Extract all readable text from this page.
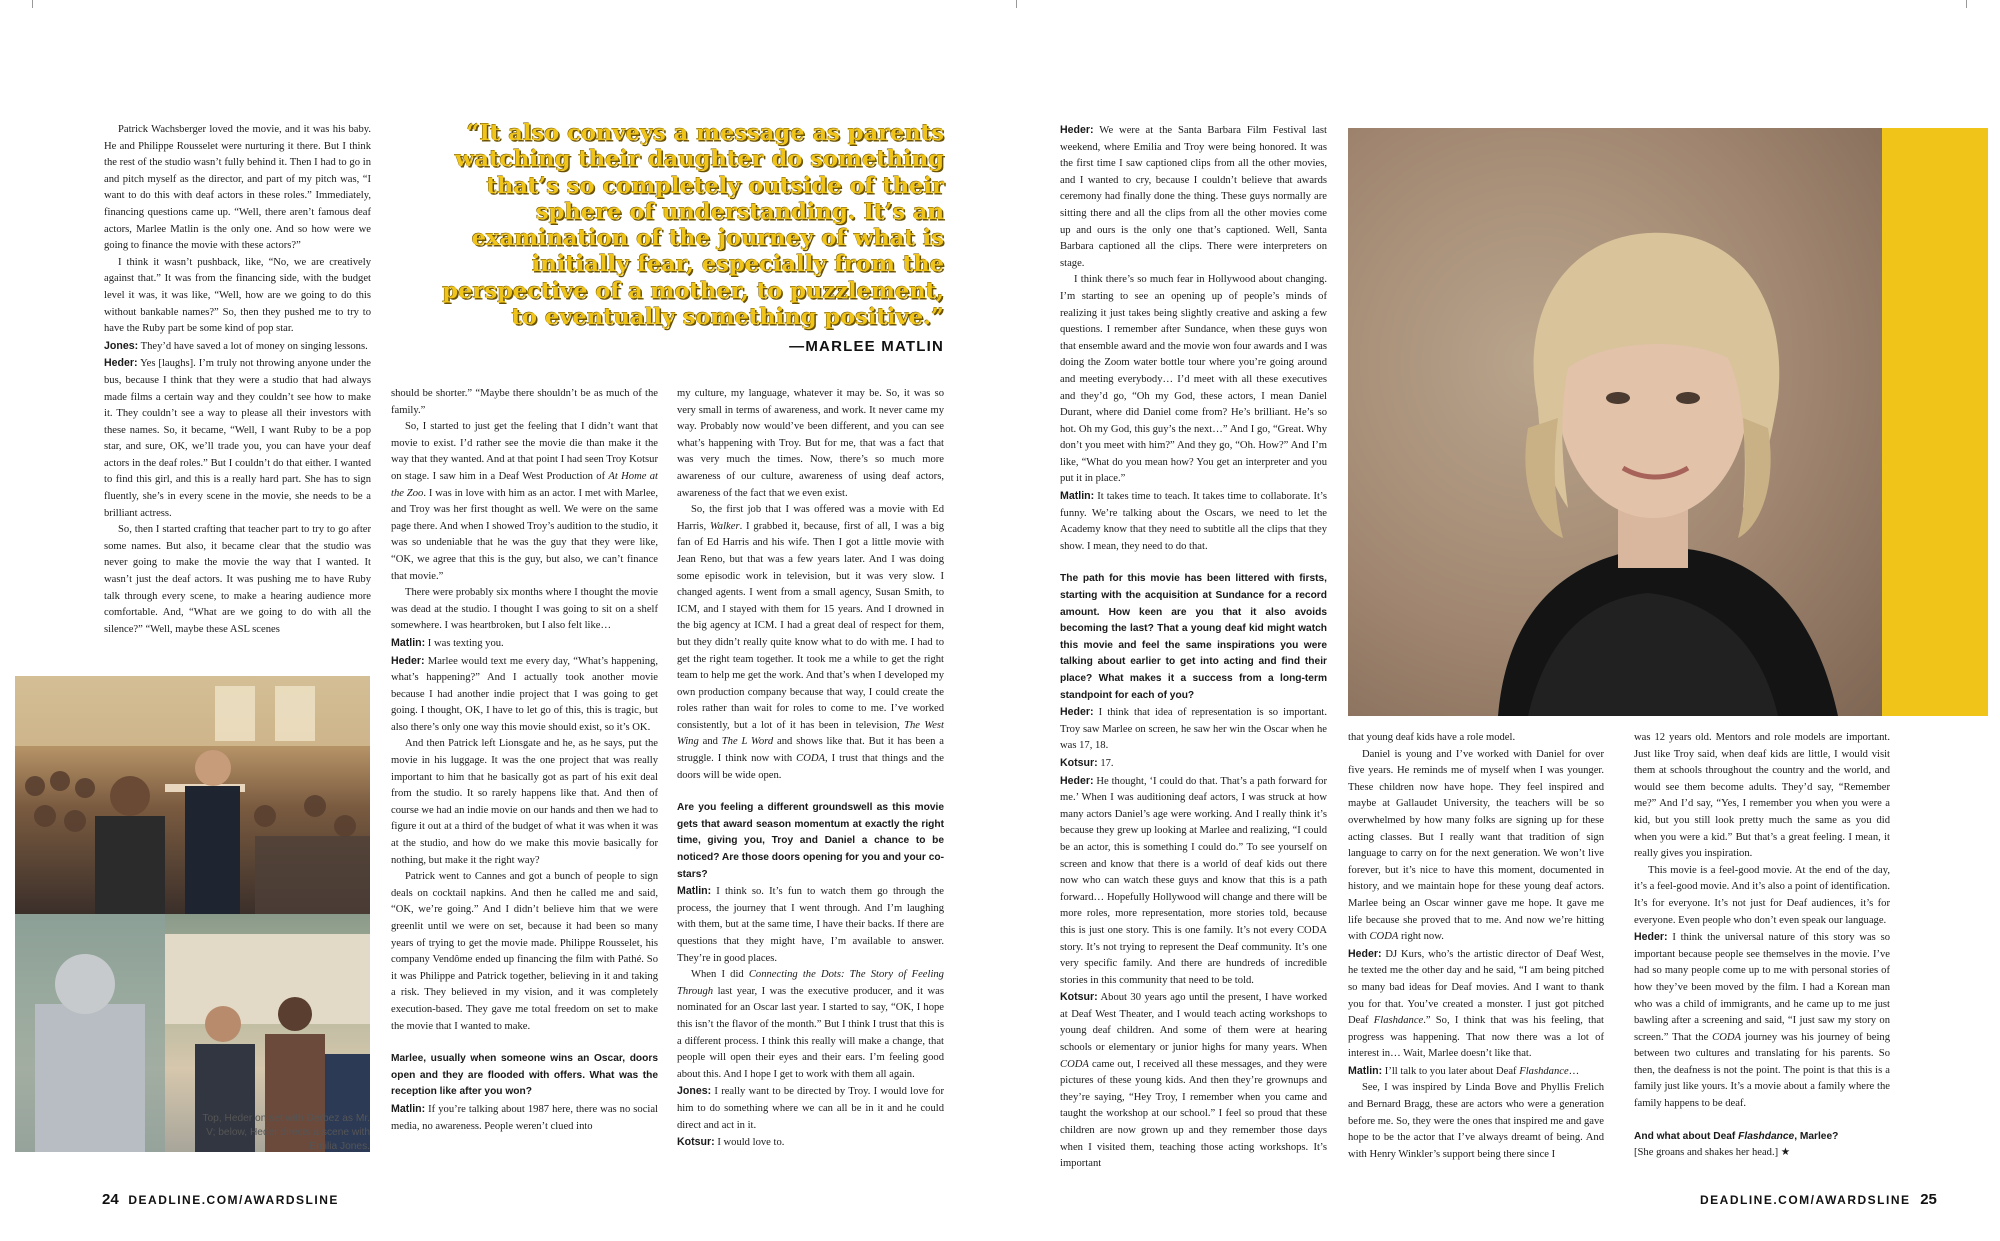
“It also conveys a message as parents watching their daughter do something that’s so completely outside of their sphere of understanding. It’s an examination of the journey of what is initially fear, especially from the perspective of a mother, to puzzlement, to eventually something positive.”
—MARLEE MATLIN

Patrick Wachsberger loved the movie, and it was his baby. He and Philippe Rousselet were nurturing it there. But I think the rest of the studio wasn’t fully behind it. Then I had to go in and pitch myself as the director, and part of my pitch was, “I want to do this with deaf actors in these roles.” Immediately, financing questions came up. “Well, there aren’t famous deaf actors, Marlee Matlin is the only one. And so how were we going to finance the movie with these actors?”

I think it wasn’t pushback, like, “No, we are creatively against that.” It was from the financing side, with the budget level it was, it was like, “Well, how are we going to do this without bankable names?” So, then they pushed me to try to have the Ruby part be some kind of pop star.

Jones: They’d have saved a lot of money on singing lessons.

Heder: Yes [laughs]. I’m truly not throwing anyone under the bus, because I think that they were a studio that had always made films a certain way and they couldn’t see how to make it. They couldn’t see a way to please all their investors with these names. So, it became, “Well, I want Ruby to be a pop star, and sure, OK, we’ll trade you, you can have your deaf actors in the deaf roles.” But I couldn’t do that either. I wanted to find this girl, and this is a really hard part. She has to sign fluently, she’s in every scene in the movie, she needs to be a brilliant actress.

So, then I started crafting that teacher part to try to go after some names. But also, it became clear that the studio was never going to make the movie the way that I wanted. It wasn’t just the deaf actors. It was pushing me to have Ruby talk through every scene, to make a hearing audience more comfortable. And, “What are we going to do with all the silence?” “Well, maybe these ASL scenes

Top, Heder on set with Derbez as Mr. V; below, Heder directs a scene with Emilia Jones.

should be shorter.” “Maybe there shouldn’t be as much of the family.”

So, I started to just get the feeling that I didn’t want that movie to exist. I’d rather see the movie die than make it the way that they wanted. And at that point I had seen Troy Kotsur on stage. I saw him in a Deaf West Production of At Home at the Zoo. I was in love with him as an actor. I met with Marlee, and Troy was her first thought as well. We were on the same page there. And when I showed Troy’s audition to the studio, it was so undeniable that he was the guy that they were like, “OK, we agree that this is the guy, but also, we can’t finance that movie.”

There were probably six months where I thought the movie was dead at the studio. I thought I was going to sit on a shelf somewhere. I was heartbroken, but I also felt like…

Matlin: I was texting you.

Heder: Marlee would text me every day, “What’s happening, what’s happening?” And I actually took another movie because I had another indie project that I was going to get going. I thought, OK, I have to let go of this, this is tragic, but also there’s only one way this movie should exist, so it’s OK.

And then Patrick left Lionsgate and he, as he says, put the movie in his luggage. It was the one project that was really important to him that he basically got as part of his exit deal from the studio. It so rarely happens like that. And then of course we had an indie movie on our hands and then we had to figure it out at a third of the budget of what it was when it was at the studio, and how do we make this movie basically for nothing, but make it the right way?

Patrick went to Cannes and got a bunch of people to sign deals on cocktail napkins. And then he called me and said, “OK, we’re going.” And I didn’t believe him that we were greenlit until we were on set, because it had been so many years of trying to get the movie made. Philippe Rousselet, his company Vendôme ended up financing the film with Pathé. So it was Philippe and Patrick together, believing in it and taking a risk. They believed in my vision, and it was completely execution-based. They gave me total freedom on set to make the movie that I wanted to make.

Marlee, usually when someone wins an Oscar, doors open and they are flooded with offers. What was the reception like after you won?

Matlin: If you’re talking about 1987 here, there was no social media, no awareness. People weren’t clued into

my culture, my language, whatever it may be. So, it was so very small in terms of awareness, and work. It never came my way. Probably now would’ve been different, and you can see what’s happening with Troy. But for me, that was a fact that was very much the times. Now, there’s so much more awareness of our culture, awareness of using deaf actors, awareness of the fact that we even exist.

So, the first job that I was offered was a movie with Ed Harris, Walker. I grabbed it, because, first of all, I was a big fan of Ed Harris and his wife. Then I got a little movie with Jean Reno, but that was a few years later. And I was doing some episodic work in television, but it was very slow. I changed agents. I went from a small agency, Susan Smith, to ICM, and I stayed with them for 15 years. And I drowned in the big agency at ICM. I had a great deal of respect for them, but they didn’t really quite know what to do with me. I had to get the right team together. It took me a while to get the right team to help me get the work. And that’s when I developed my own production company because that way, I could create the roles rather than wait for roles to come to me. I’ve worked consistently, but a lot of it has been in television, The West Wing and The L Word and shows like that. But it has been a struggle. I think now with CODA, I trust that things and the doors will be wide open.

Are you feeling a different groundswell as this movie gets that award season momentum at exactly the right time, giving you, Troy and Daniel a chance to be noticed? Are those doors opening for you and your co-stars?

Matlin: I think so. It’s fun to watch them go through the process, the journey that I went through. And I’m laughing with them, but at the same time, I have their backs. If there are questions that they might have, I’m available to answer. They’re in good places.

When I did Connecting the Dots: The Story of Feeling Through last year, I was the executive producer, and it was nominated for an Oscar last year. I started to say, “OK, I hope this isn’t the flavor of the month.” But I think I trust that this is a different process. I think this really will make a change, that people will open their eyes and their ears. I’m feeling good about this. And I hope I get to work with them all again.

Jones: I really want to be directed by Troy. I would love for him to do something where we can all be in it and he could direct and act in it.

Kotsur: I would love to.

Heder: We were at the Santa Barbara Film Festival last weekend, where Emilia and Troy were being honored. It was the first time I saw captioned clips from all the other movies, and I wanted to cry, because I couldn’t believe that awards ceremony had finally done the thing. These guys normally are sitting there and all the clips from all the other movies come up and ours is the only one that’s captioned. Well, Santa Barbara captioned all the clips. There were interpreters on stage.

I think there’s so much fear in Hollywood about changing. I’m starting to see an opening up of people’s minds of realizing it just takes being slightly creative and asking a few questions. I remember after Sundance, when these guys won that ensemble award and the movie won four awards and I was doing the Zoom water bottle tour where you’re going around and meeting everybody… I’d meet with all these executives and they’d go, “Oh my God, these actors, I mean Daniel Durant, where did Daniel come from? He’s brilliant. He’s so hot. Oh my God, this guy’s the next…” And I go, “Great. Why don’t you meet with him?” And they go, “Oh. How?” And I’m like, “What do you mean how? You get an interpreter and you put it in place.”

Matlin: It takes time to teach. It takes time to collaborate. It’s funny. We’re talking about the Oscars, we need to let the Academy know that they need to subtitle all the clips that they show. I mean, they need to do that.

The path for this movie has been littered with firsts, starting with the acquisition at Sundance for a record amount. How keen are you that it also avoids becoming the last? That a young deaf kid might watch this movie and feel the same inspirations you were talking about earlier to get into acting and find their place? What makes it a success from a long-term standpoint for each of you?

Heder: I think that idea of representation is so important. Troy saw Marlee on screen, he saw her win the Oscar when he was 17, 18.

Kotsur: 17.

Heder: He thought, ‘I could do that. That’s a path forward for me.’ When I was auditioning deaf actors, I was struck at how many actors Daniel’s age were working. And I really think it’s because they grew up looking at Marlee and realizing, “I could be an actor, this is something I could do.” To see yourself on screen and know that there is a world of deaf kids out there now who can watch these guys and know that this is a path forward… Hopefully Hollywood will change and there will be more roles, more representation, more stories told, because this is just one story. This is one family. It’s not every CODA story. It’s not trying to represent the Deaf community. It’s one very specific family. And there are hundreds of incredible stories in this community that need to be told.

Kotsur: About 30 years ago until the present, I have worked at Deaf West Theater, and I would teach acting workshops to young deaf children. And some of them were at hearing schools or elementary or junior highs for many years. When CODA came out, I received all these messages, and they were pictures of these young kids. And then they’re grownups and they’re saying, “Hey Troy, I remember when you came and taught the workshop at our school.” I feel so proud that these children are now grown up and they remember those days when I visited them, teaching those acting workshops. It’s important

that young deaf kids have a role model.

Daniel is young and I’ve worked with Daniel for over five years. He reminds me of myself when I was younger. These children now have hope. They feel inspired and maybe at Gallaudet University, the teachers will be so overwhelmed by how many folks are signing up for these acting classes. But I really want that tradition of sign language to carry on for the next generation. We won’t live forever, but it’s nice to have this moment, documented in history, and we maintain hope for these young deaf actors. Marlee being an Oscar winner gave me hope. It gave me life because she proved that to me. And now we’re hitting with CODA right now.

Heder: DJ Kurs, who’s the artistic director of Deaf West, he texted me the other day and he said, “I am being pitched so many bad ideas for Deaf movies. And I want to thank you for that. You’ve created a monster. I just got pitched Deaf Flashdance.” So, I think that was his feeling, that progress was happening. That now there was a lot of interest in… Wait, Marlee doesn’t like that.

Matlin: I’ll talk to you later about Deaf Flashdance…

See, I was inspired by Linda Bove and Phyllis Frelich and Bernard Bragg, these are actors who were a generation before me. So, they were the ones that inspired me and gave hope to be the actor that I’ve always dreamt of being. And with Henry Winkler’s support being there since I

was 12 years old. Mentors and role models are important. Just like Troy said, when deaf kids are little, I would visit them at schools throughout the country and the world, and would see them become adults. They’d say, “Remember me?” And I’d say, “Yes, I remember you when you were a kid, but you still look pretty much the same as you did when you were a kid.” But that’s a great feeling. I mean, it really gives you inspiration.

This movie is a feel-good movie. At the end of the day, it’s a feel-good movie. And it’s also a point of identification. It’s for everyone. It’s not just for Deaf audiences, it’s for everyone. Even people who don’t even speak our language.

Heder: I think the universal nature of this story was so important because people see themselves in the movie. I’ve had so many people come up to me with personal stories of how they’ve been moved by the film. I had a Korean man who was a child of immigrants, and he came up to me just bawling after a screening and said, “I just saw my story on screen.” That the CODA journey was his journey of being between two cultures and translating for his parents. So then, the deafness is not the point. The point is that this is a family just like yours. It’s a movie about a family where the family happens to be deaf.

And what about Deaf Flashdance, Marlee?

[She groans and shakes her head.] ★

24 DEADLINE.COM/AWARDSLINE	DEADLINE.COM/AWARDSLINE 25
